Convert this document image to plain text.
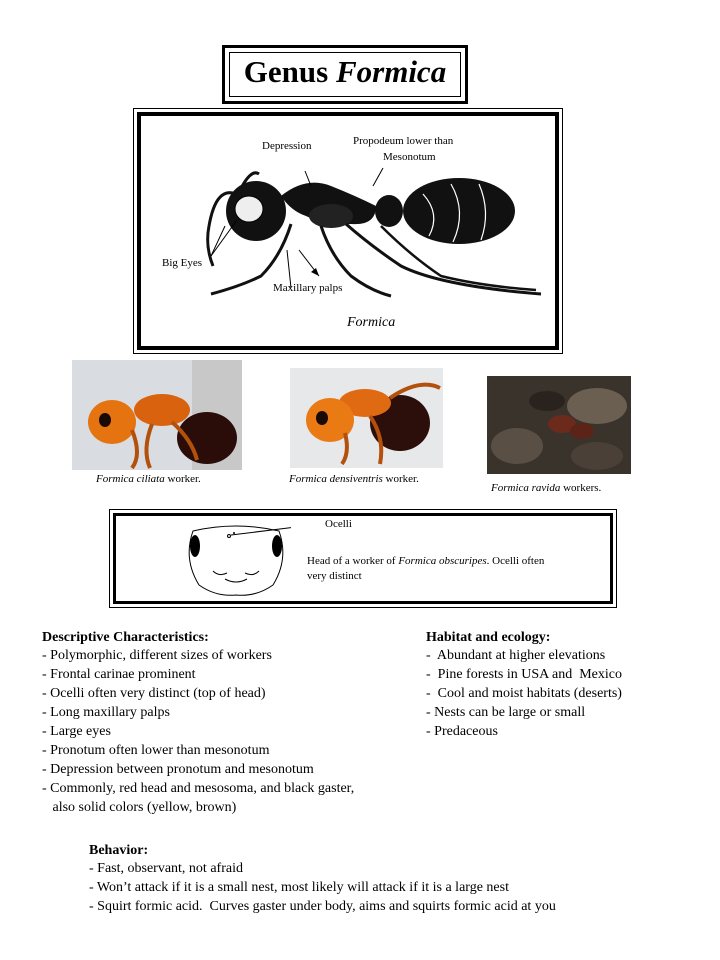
Genus Formica
Depression	Propodeum lower than
Mesonotum
Big Eyes
Maxillary palps
Formica
Formica ciliata worker.	Formica densiventris worker.
Formica ravida workers.
Ocelli
Head of a worker of Formica obscuripes. Ocelli often
very distinct
Descriptive Characteristics:
- Polymorphic, different sizes of workers
- Frontal carinae prominent
- Ocelli often very distinct (top of head)
- Long maxillary palps
- Large eyes
- Pronotum often lower than mesonotum
- Depression between pronotum and mesonotum
- Commonly, red head and mesosoma, and black gaster,
also solid colors (yellow, brown)
Habitat and ecology:
-  Abundant at higher elevations
-  Pine forests in USA and  Mexico
-  Cool and moist habitats (deserts)
- Nests can be large or small
- Predaceous
Behavior:
- Fast, observant, not afraid
- Won’t attack if it is a small nest, most likely will attack if it is a large nest
- Squirt formic acid.  Curves gaster under body, aims and squirts formic acid at you
